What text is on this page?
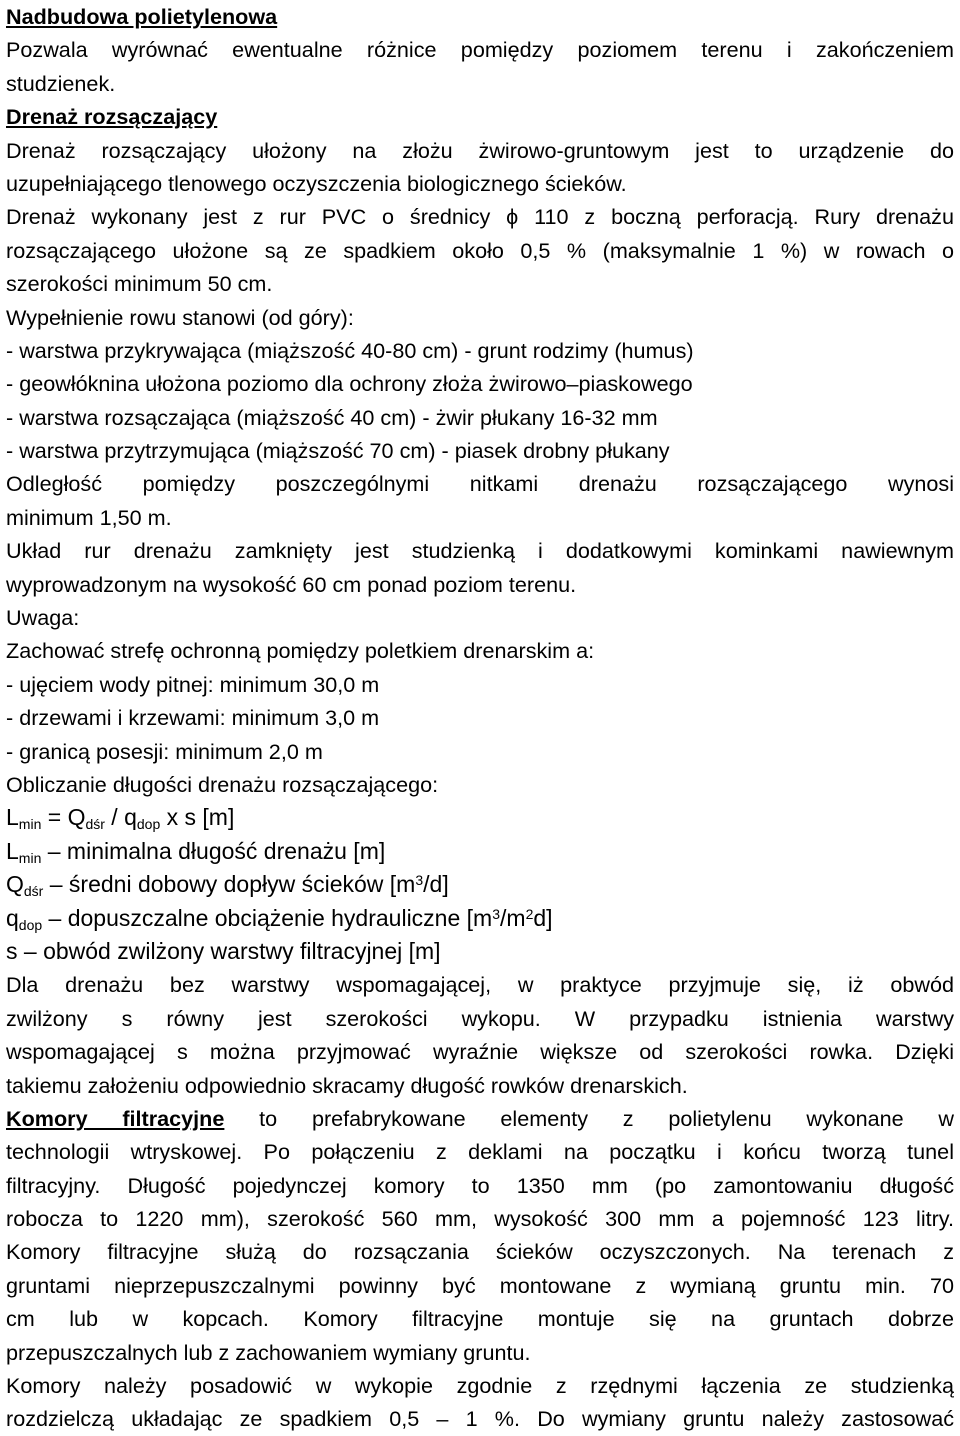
Nadbudowa polietylenowa
Pozwala wyrównać ewentualne różnice pomiędzy poziomem terenu i zakończeniem
studzienek.
Drenaż rozsączający
Drenaż rozsączający ułożony na złożu żwirowo-gruntowym jest to urządzenie do
uzupełniającego tlenowego oczyszczenia biologicznego ścieków.
Drenaż wykonany jest z rur PVC o średnicy ϕ 110 z boczną perforacją. Rury drenażu
rozsączającego ułożone są ze spadkiem około 0,5 % (maksymalnie 1 %) w rowach o
szerokości minimum 50 cm.
Wypełnienie rowu stanowi (od góry):
- warstwa przykrywająca (miąższość 40-80 cm) - grunt rodzimy (humus)
- geowłóknina ułożona poziomo dla ochrony złoża żwirowo–piaskowego
- warstwa rozsączająca (miąższość 40 cm) - żwir płukany 16-32 mm
- warstwa przytrzymująca (miąższość 70 cm) - piasek drobny płukany
Odległość pomiędzy poszczególnymi nitkami drenażu rozsączającego wynosi
minimum 1,50 m.
Układ rur drenażu zamknięty jest studzienką i dodatkowymi kominkami nawiewnym
wyprowadzonym na wysokość 60 cm ponad poziom terenu.
Uwaga:
Zachować strefę ochronną pomiędzy poletkiem drenarskim a:
- ujęciem wody pitnej: minimum 30,0 m
- drzewami i krzewami: minimum 3,0 m
- granicą posesji: minimum 2,0 m
Obliczanie długości drenażu rozsączającego:
$L_{min} = Q_{dśr} / q_{dop}$ x s [m]
$L_{min}$ – minimalna długość drenażu [m]
$Q_{dśr}$ – średni dobowy dopływ ścieków $[m^3/d]$
$q_{dop}$ – dopuszczalne obciążenie hydrauliczne $[m^3/m^2d]$
s – obwód zwilżony warstwy filtracyjnej [m]
Dla drenażu bez warstwy wspomagającej, w praktyce przyjmuje się, iż obwód
zwilżony s równy jest szerokości wykopu. W przypadku istnienia warstwy
wspomagającej s można przyjmować wyraźnie większe od szerokości rowka. Dzięki
takiemu założeniu odpowiednio skracamy długość rowków drenarskich.
Komory filtracyjne to prefabrykowane elementy z polietylenu wykonane w
technologii wtryskowej. Po połączeniu z deklami na początku i końcu tworzą tunel
filtracyjny. Długość pojedynczej komory to 1350 mm (po zamontowaniu długość
robocza to 1220 mm), szerokość 560 mm, wysokość 300 mm a pojemność 123 litry.
Komory filtracyjne służą do rozsączania ścieków oczyszczonych. Na terenach z
gruntami nieprzepuszczalnymi powinny być montowane z wymianą gruntu min. 70
cm lub w kopcach. Komory filtracyjne montuje się na gruntach dobrze
przepuszczalnych lub z zachowaniem wymiany gruntu.
Komory należy posadowić w wykopie zgodnie z rzędnymi łączenia ze studzienką
rozdzielczą układając ze spadkiem 0,5 – 1 %. Do wymiany gruntu należy zastosować
